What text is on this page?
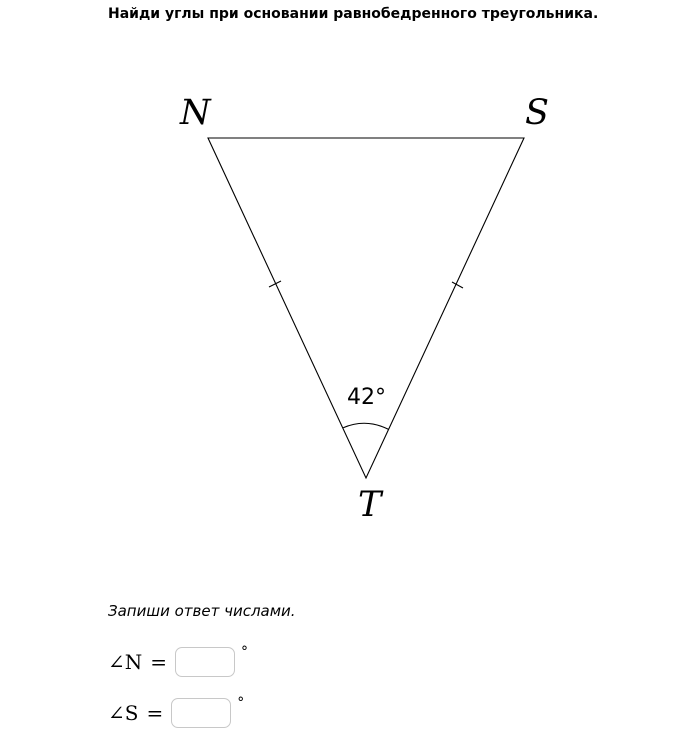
Найди углы при основании равнобедренного треугольника.
N	S
T
42°
Запиши ответ числами.
∠N =	°
∠S =	°
